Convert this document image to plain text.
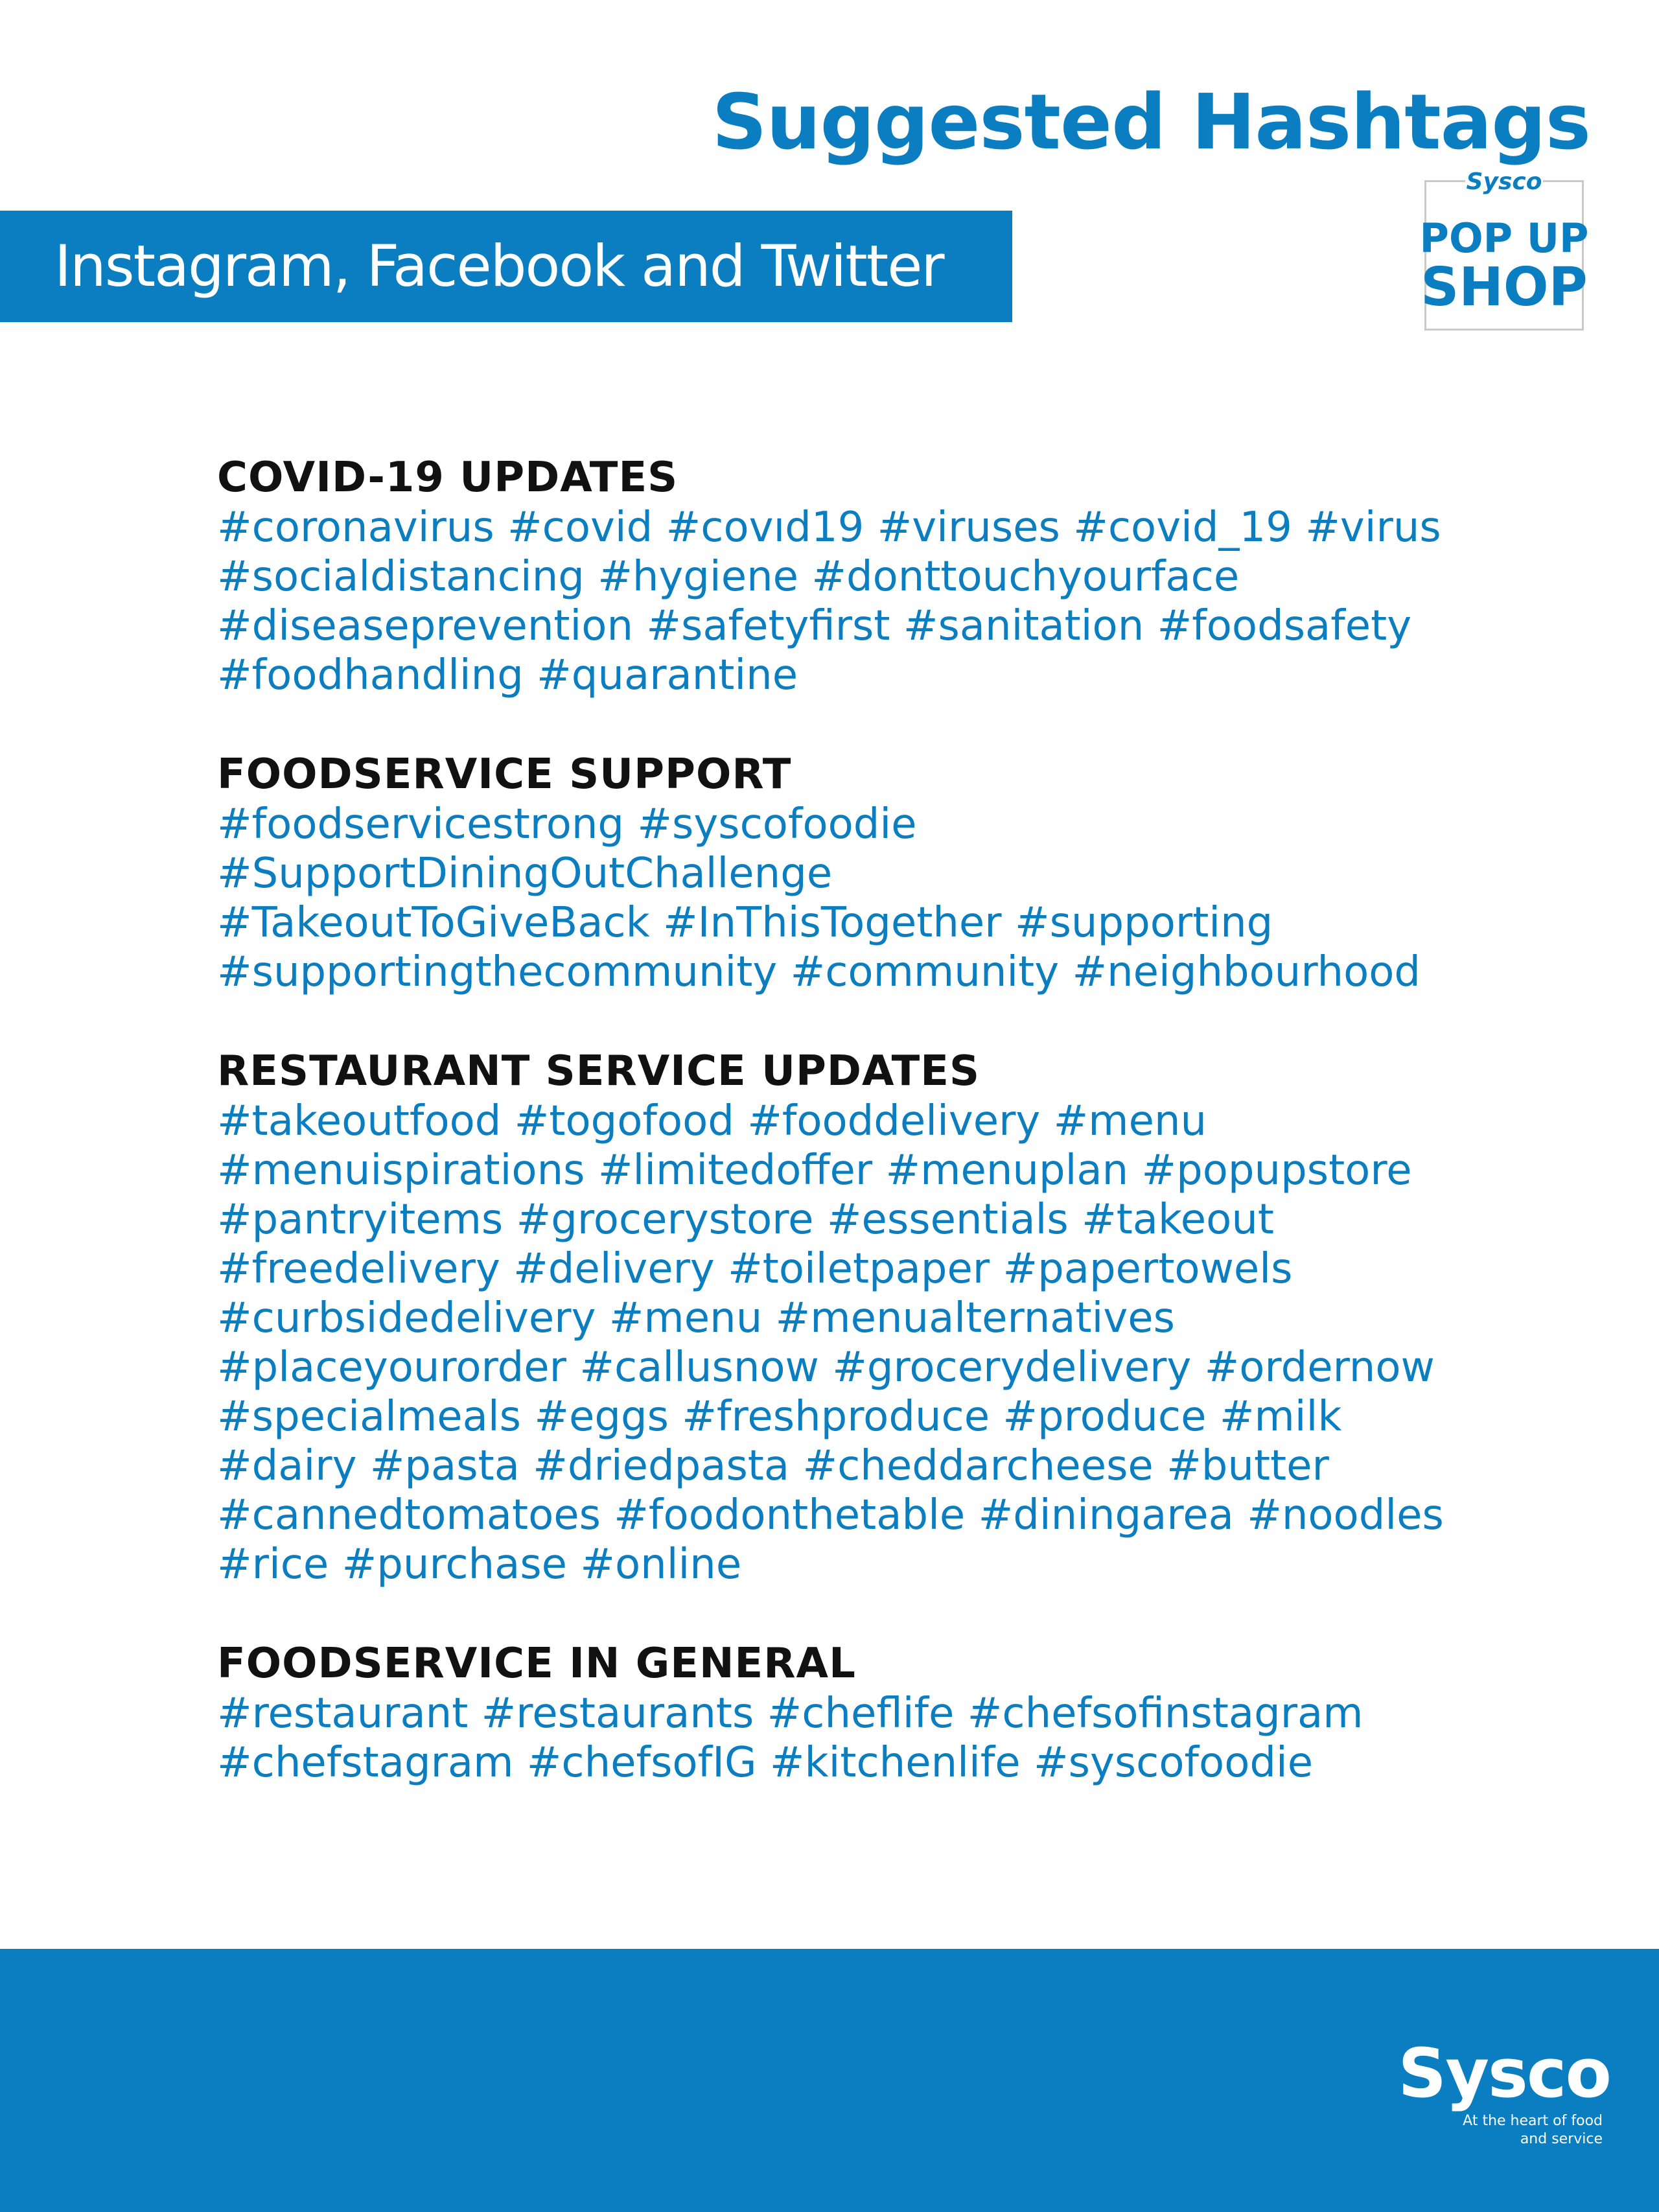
Suggested Hashtags
Instagram, Facebook and Twitter
Sysco
POP UP
SHOP
COVID-19 UPDATES

#coronavirus #covid #covıd19 #viruses #covid_19 #virus

#socialdistancing #hygiene #donttouchyourface

#diseaseprevention #safetyfirst #sanitation #foodsafety

#foodhandling #quarantine

FOODSERVICE SUPPORT

#foodservicestrong #syscofoodie

#SupportDiningOutChallenge

#TakeoutToGiveBack #InThisTogether #supporting

#supportingthecommunity #community #neighbourhood

RESTAURANT SERVICE UPDATES

#takeoutfood #togofood #fooddelivery #menu

#menuispirations #limitedoffer #menuplan #popupstore

#pantryitems #grocerystore #essentials #takeout

#freedelivery #delivery #toiletpaper #papertowels

#curbsidedelivery #menu #menualternatives

#placeyourorder #callusnow #grocerydelivery #ordernow

#specialmeals #eggs #freshproduce #produce #milk

#dairy #pasta #driedpasta #cheddarcheese #butter

#cannedtomatoes #foodonthetable #diningarea #noodles

#rice #purchase #online

FOODSERVICE IN GENERAL

#restaurant #restaurants #cheflife #chefsofinstagram

#chefstagram #chefsofIG #kitchenlife #syscofoodie

Sysco
At the heart of food and service
